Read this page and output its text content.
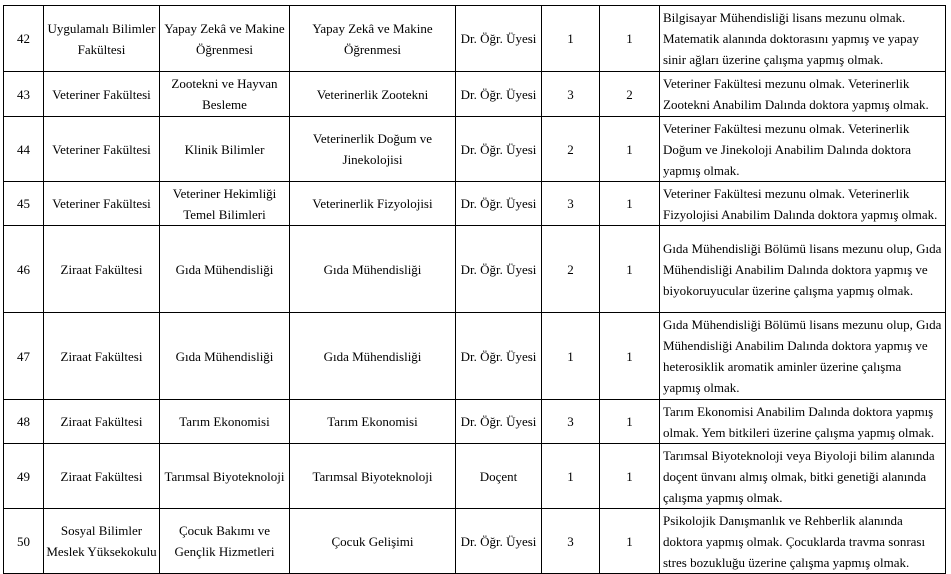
42	Uygulamalı Bilimler Fakültesi	Yapay Zekâ ve Makine Öğrenmesi	Yapay Zekâ ve Makine Öğrenmesi	Dr. Öğr. Üyesi	1	1	Bilgisayar Mühendisliği lisans mezunu olmak. Matematik alanında doktorasını yapmış ve yapay sinir ağları üzerine çalışma yapmış olmak.
43	Veteriner Fakültesi	Zootekni ve Hayvan Besleme	Veterinerlik Zootekni	Dr. Öğr. Üyesi	3	2	Veteriner Fakültesi mezunu olmak. Veterinerlik Zootekni Anabilim Dalında doktora yapmış olmak.
44	Veteriner Fakültesi	Klinik Bilimler	Veterinerlik Doğum ve Jinekolojisi	Dr. Öğr. Üyesi	2	1	Veteriner Fakültesi mezunu olmak. Veterinerlik Doğum ve Jinekoloji Anabilim Dalında doktora yapmış olmak.
45	Veteriner Fakültesi	Veteriner Hekimliği Temel Bilimleri	Veterinerlik Fizyolojisi	Dr. Öğr. Üyesi	3	1	Veteriner Fakültesi mezunu olmak. Veterinerlik Fizyolojisi Anabilim Dalında doktora yapmış olmak.
46	Ziraat Fakültesi	Gıda Mühendisliği	Gıda Mühendisliği	Dr. Öğr. Üyesi	2	1	Gıda Mühendisliği Bölümü lisans mezunu olup, Gıda Mühendisliği Anabilim Dalında doktora yapmış ve biyokoruyucular üzerine çalışma yapmış olmak.
47	Ziraat Fakültesi	Gıda Mühendisliği	Gıda Mühendisliği	Dr. Öğr. Üyesi	1	1	Gıda Mühendisliği Bölümü lisans mezunu olup, Gıda Mühendisliği Anabilim Dalında doktora yapmış ve heterosiklik aromatik aminler üzerine çalışma yapmış olmak.
48	Ziraat Fakültesi	Tarım Ekonomisi	Tarım Ekonomisi	Dr. Öğr. Üyesi	3	1	Tarım Ekonomisi Anabilim Dalında doktora yapmış olmak. Yem bitkileri üzerine çalışma yapmış olmak.
49	Ziraat Fakültesi	Tarımsal Biyoteknoloji	Tarımsal Biyoteknoloji	Doçent	1	1	Tarımsal Biyoteknoloji veya Biyoloji bilim alanında doçent ünvanı almış olmak, bitki genetiği alanında çalışma yapmış olmak.
50	Sosyal Bilimler Meslek Yüksekokulu	Çocuk Bakımı ve Gençlik Hizmetleri	Çocuk Gelişimi	Dr. Öğr. Üyesi	3	1	Psikolojik Danışmanlık ve Rehberlik alanında doktora yapmış olmak. Çocuklarda travma sonrası stres bozukluğu üzerine çalışma yapmış olmak.
